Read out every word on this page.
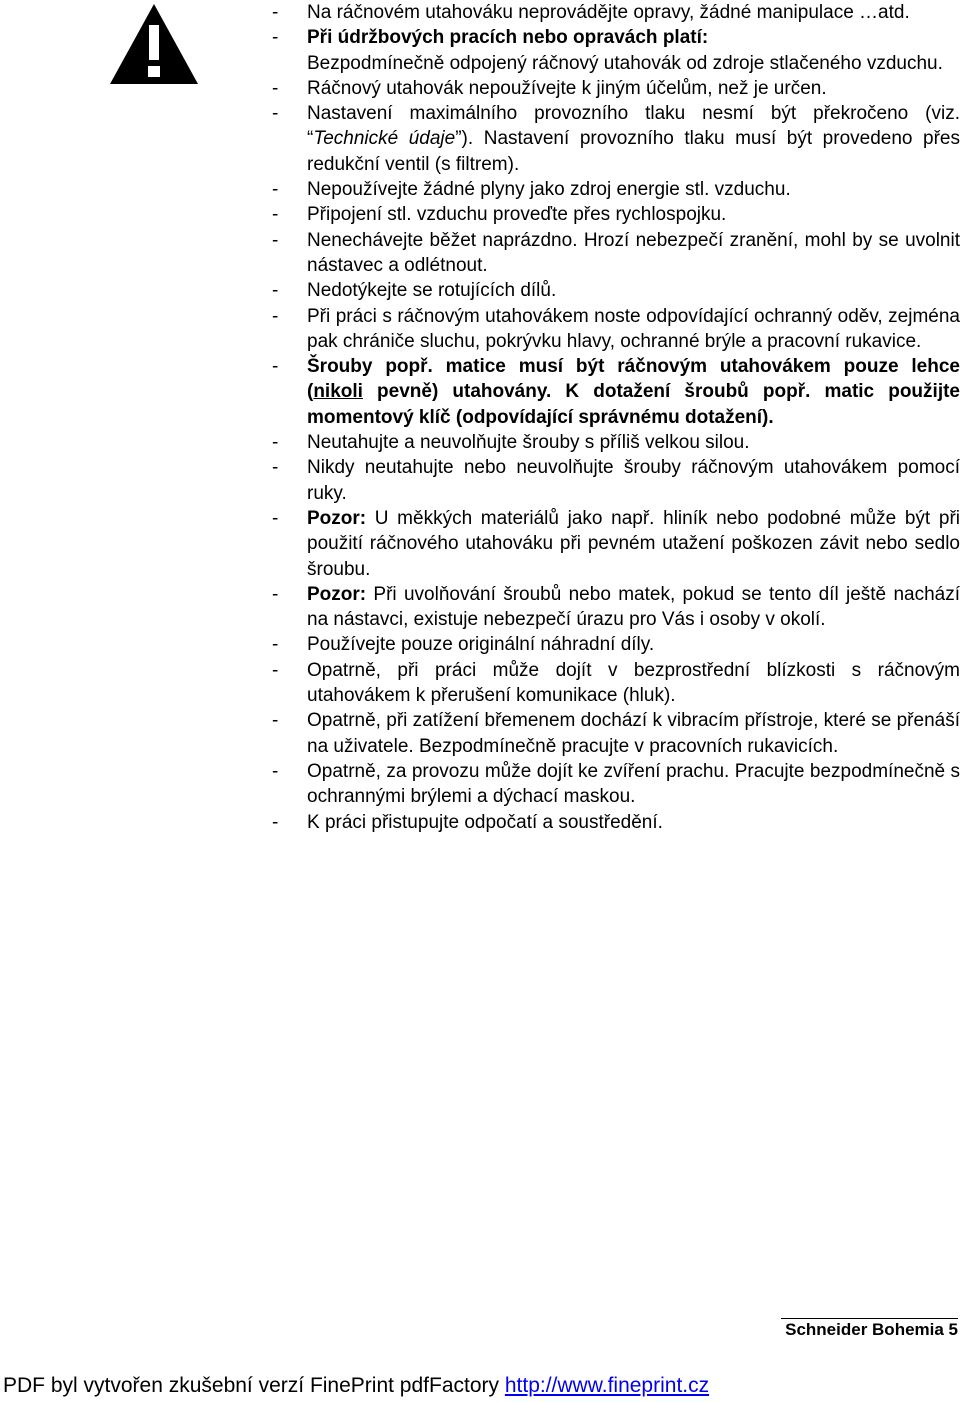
- Na ráčnovém utahováku neprovádějte opravy, žádné manipulace …atd.
- Při údržbových pracích nebo opravách platí:
Bezpodmínečně odpojený ráčnový utahovák od zdroje stlačeného vzduchu.
- Ráčnový utahovák nepoužívejte k jiným účelům, než je určen.
- Nastavení maximálního provozního tlaku nesmí být překročeno (viz. “Technické údaje”). Nastavení provozního tlaku musí být provedeno přes redukční ventil (s filtrem).
- Nepoužívejte žádné plyny jako zdroj energie stl. vzduchu.
- Připojení stl. vzduchu proveďte přes rychlospojku.
- Nenechávejte běžet naprázdno. Hrozí nebezpečí zranění, mohl by se uvolnit nástavec a odlétnout.
- Nedotýkejte se rotujících dílů.
- Při práci s ráčnovým utahovákem noste odpovídající ochranný oděv, zejména pak chrániče sluchu, pokrývku hlavy, ochranné brýle a pracovní rukavice.
- Šrouby popř. matice musí být ráčnovým utahovákem pouze lehce (nikoli pevně) utahovány. K dotažení šroubů popř. matic použijte momentový klíč (odpovídající správnému dotažení).
- Neutahujte a neuvolňujte šrouby s příliš velkou silou.
- Nikdy neutahujte nebo neuvolňujte šrouby ráčnovým utahovákem pomocí ruky.
- Pozor: U měkkých materiálů jako např. hliník nebo podobné může být při použití ráčnového utahováku při pevném utažení poškozen závit nebo sedlo šroubu.
- Pozor: Při uvolňování šroubů nebo matek, pokud se tento díl ještě nachází na nástavci, existuje nebezpečí úrazu pro Vás i osoby v okolí.
- Používejte pouze originální náhradní díly.
- Opatrně, při práci může dojít v bezprostřední blízkosti s ráčnovým utahovákem k přerušení komunikace (hluk).
- Opatrně, při zatížení břemenem dochází k vibracím přístroje, které se přenáší na uživatele. Bezpodmínečně pracujte v pracovních rukavicích.
- Opatrně, za provozu může dojít ke zvíření prachu. Pracujte bezpodmínečně s ochrannými brýlemi a dýchací maskou.
- K práci přistupujte odpočatí a soustředění.
Schneider Bohemia 5
PDF byl vytvořen zkušební verzí FinePrint pdfFactory http://www.fineprint.cz
